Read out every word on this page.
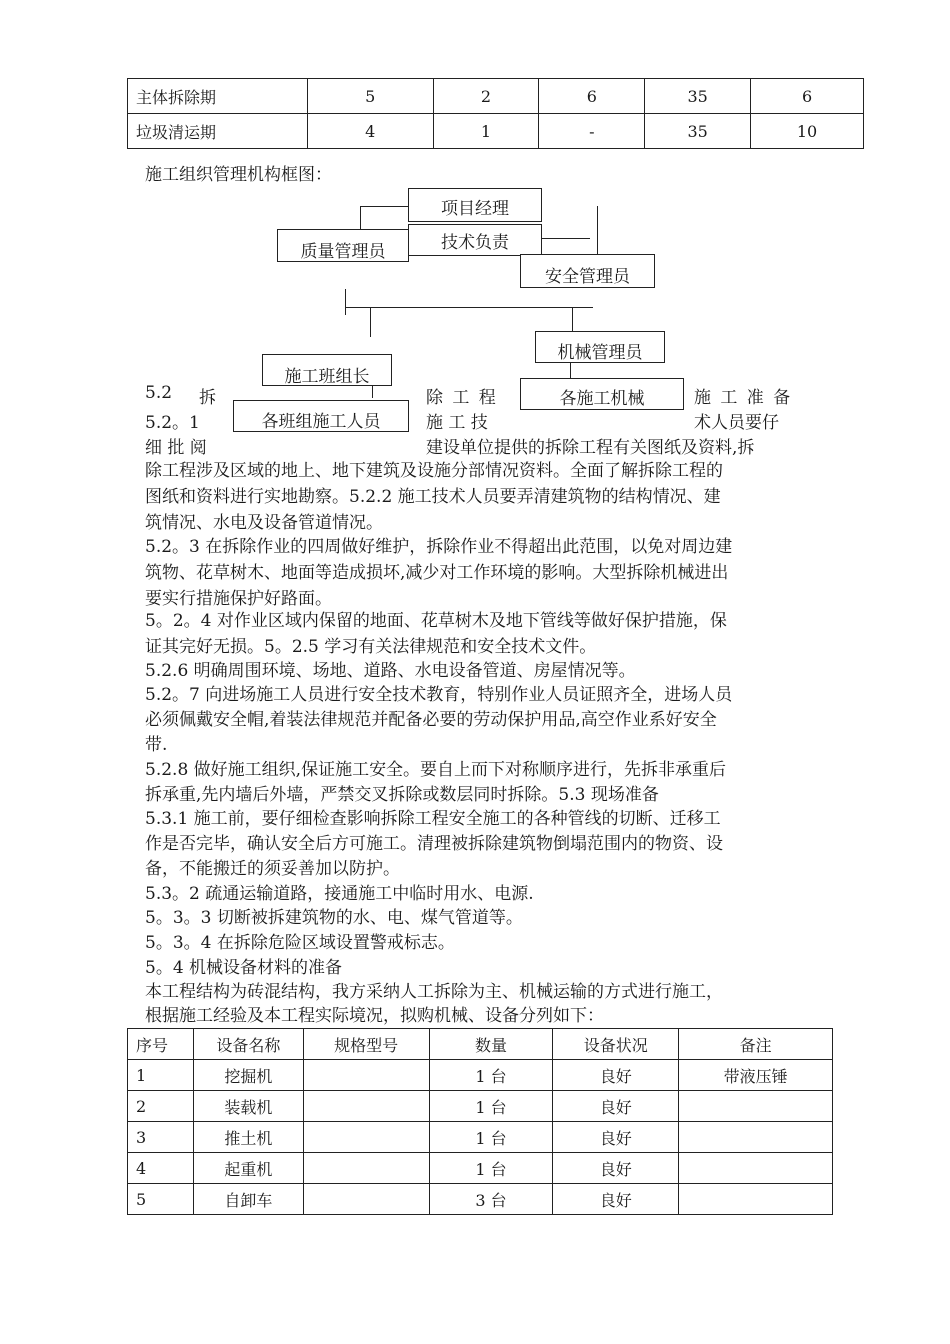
主体拆除期	5	2	6	35	6
垃圾清运期	4	1	-	35	10
施工组织管理机构框图：
项目经理
技术负责
质量管理员
安全管理员
机械管理员
施工班组长
各施工机械
各班组施工人员
5.2 拆	除 工 程	施 工 准 备
5.2。1	施 工 技	术人员要仔
细 批 阅	建设单位提供的拆除工程有关图纸及资料,拆
除工程涉及区域的地上、地下建筑及设施分部情况资料。全面了解拆除工程的
图纸和资料进行实地勘察。5.2.2 施工技术人员要弄清建筑物的结构情况、建
筑情况、水电及设备管道情况。
5.2。3 在拆除作业的四周做好维护，拆除作业不得超出此范围，以免对周边建
筑物、花草树木、地面等造成损坏,减少对工作环境的影响。大型拆除机械进出
要实行措施保护好路面。
5。2。4 对作业区域内保留的地面、花草树木及地下管线等做好保护措施，保
证其完好无损。5。2.5 学习有关法律规范和安全技术文件。
5.2.6 明确周围环境、场地、道路、水电设备管道、房屋情况等。
5.2。7 向进场施工人员进行安全技术教育，特别作业人员证照齐全，进场人员
必须佩戴安全帽,着装法律规范并配备必要的劳动保护用品,高空作业系好安全
带.
5.2.8 做好施工组织,保证施工安全。要自上而下对称顺序进行，先拆非承重后
拆承重,先内墙后外墙，严禁交叉拆除或数层同时拆除。5.3 现场准备
5.3.1 施工前，要仔细检查影响拆除工程安全施工的各种管线的切断、迁移工
作是否完毕，确认安全后方可施工。清理被拆除建筑物倒塌范围内的物资、设
备，不能搬迁的须妥善加以防护。
5.3。2 疏通运输道路，接通施工中临时用水、电源.
5。3。3 切断被拆建筑物的水、电、煤气管道等。
5。3。4 在拆除危险区域设置警戒标志。
5。4 机械设备材料的准备
本工程结构为砖混结构，我方采纳人工拆除为主、机械运输的方式进行施工，
根据施工经验及本工程实际境况，拟购机械、设备分列如下：
序号	设备名称	规格型号	数量	设备状况	备注
1	挖掘机		1 台	良好	带液压锤
2	装载机		1 台	良好	
3	推土机		1 台	良好	
4	起重机		1 台	良好	
5	自卸车		3 台	良好	
